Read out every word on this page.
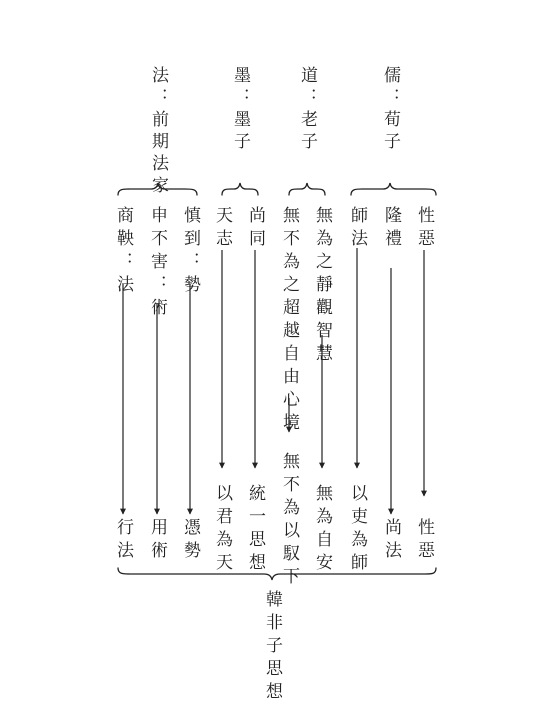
儒：荀子
道：老子
墨：墨子
法：前期法家
性惡
隆禮
師法
無為之靜觀智慧
無不為之超越自由心境
尚同
天志
慎到：勢
申不害：術
商鞅：法
性惡
尚法
以吏為師
無為自安
無不為以馭下
統一思想
以君為天
憑勢
用術
行法
韓非子思想
